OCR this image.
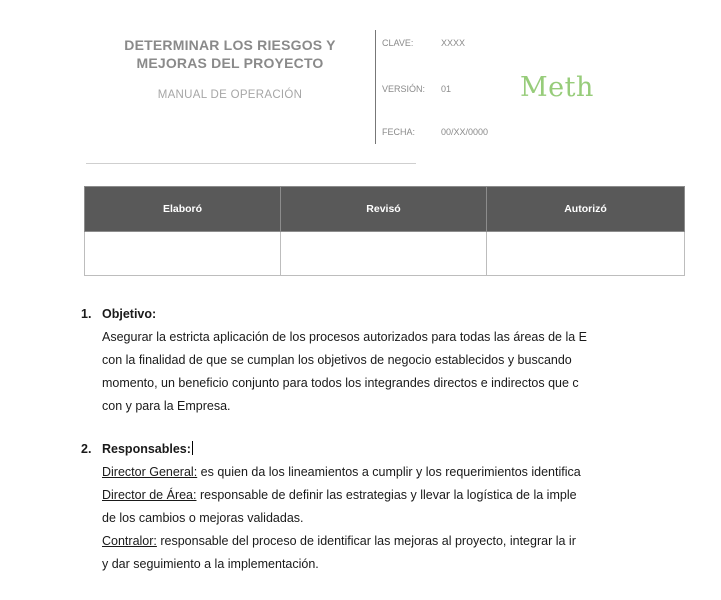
DETERMINAR LOS RIESGOS Y
MEJORAS DEL PROYECTO
MANUAL DE OPERACIÓN
CLAVE:	XXXX
VERSIÓN: 01
FECHA:	00/XX/0000
Meth
Elaboró	Revisó	Autorizó

1. Objetivo:
Asegurar la estricta aplicación de los procesos autorizados para todas las áreas de la E
con la finalidad de que se cumplan los objetivos de negocio establecidos y buscando
momento, un beneficio conjunto para todos los integrandes directos e indirectos que c
con y para la Empresa.
2. Responsables:
Director General: es quien da los lineamientos a cumplir y los requerimientos identifica
Director de Área: responsable de definir las estrategias y llevar la logística de la imple
de los cambios o mejoras validadas.
Contralor: responsable del proceso de identificar las mejoras al proyecto, integrar la ir
y dar seguimiento a la implementación.
